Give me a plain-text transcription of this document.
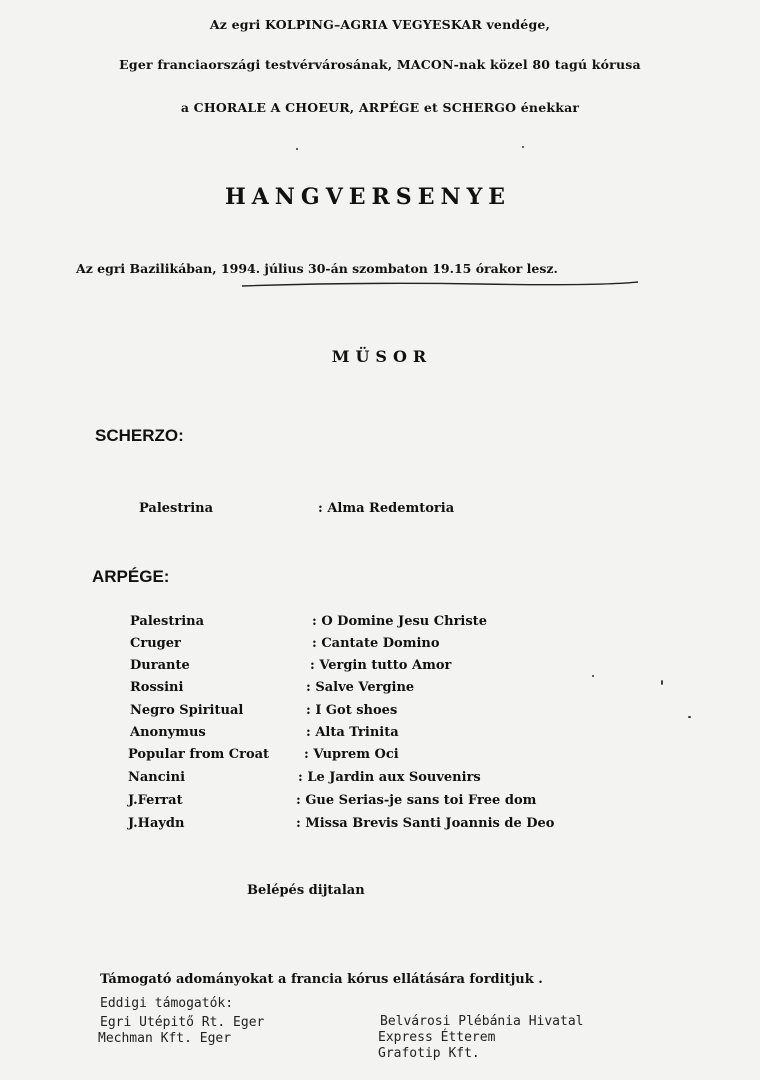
Az egri KOLPING–AGRIA VEGYESKAR vendége,
Eger franciaországi testvérvárosának, MACON-nak közel 80 tagú kórusa
a CHORALE A CHOEUR, ARPÉGE et SCHERGO énekkar
HANGVERSENYE
Az egri Bazilikában, 1994. július 30-án szombaton 19.15 órakor lesz.
MÜSOR
SCHERZO:
Palestrina	: Alma Redemtoria
ARPÉGE:
Palestrina	: O Domine Jesu Christe
Cruger	: Cantate Domino
Durante	: Vergin tutto Amor
Rossini	: Salve Vergine
Negro Spiritual	: I Got shoes
Anonymus	: Alta Trinita
Popular from Croat	: Vuprem Oci
Nancini	: Le Jardin aux Souvenirs
J.Ferrat	: Gue Serias-je sans toi Free dom
J.Haydn	: Missa Brevis Santi Joannis de Deo
Belépés dijtalan
Támogató adományokat a francia kórus ellátására forditjuk .
Eddigi támogatók:
Egri Utépitő Rt. Eger
Mechman Kft. Eger
Belvárosi Plébánia Hivatal
Express Étterem
Grafotip Kft.
